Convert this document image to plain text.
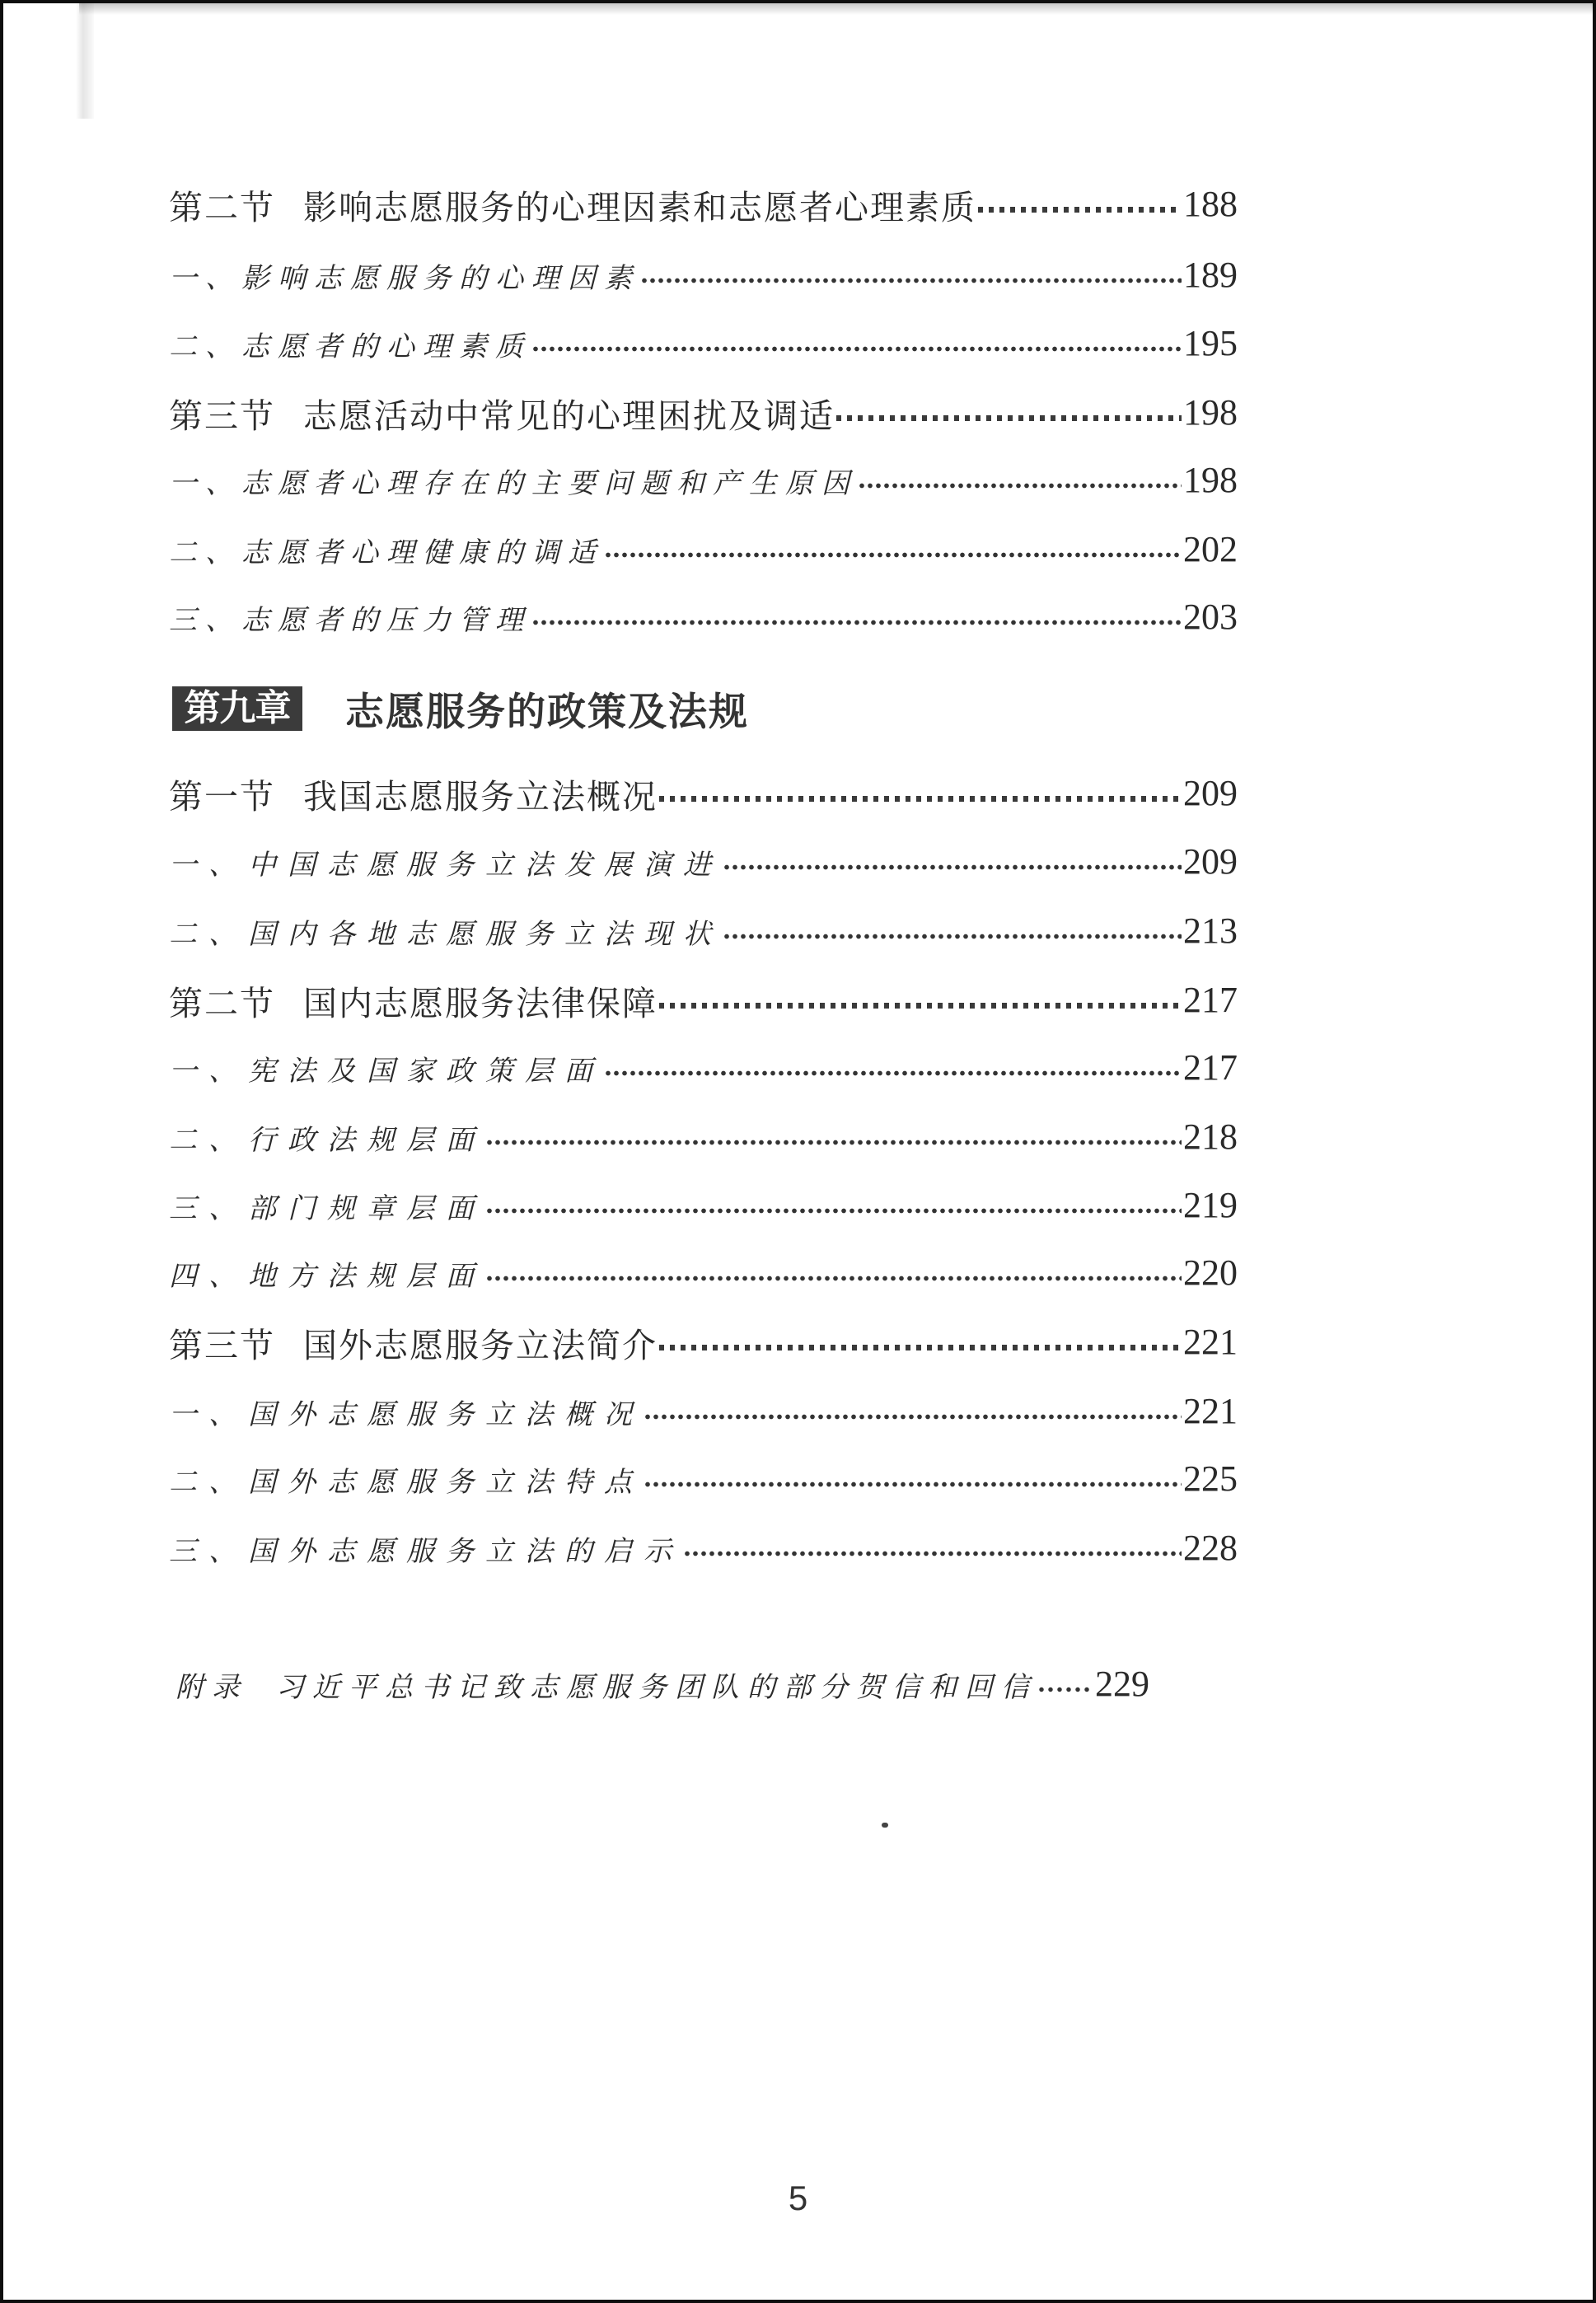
第二节 影响志愿服务的心理因素和志愿者心理素质	188
一、影响志愿服务的心理因素	189
二、志愿者的心理素质	195
第三节 志愿活动中常见的心理困扰及调适	198
一、志愿者心理存在的主要问题和产生原因	198
二、志愿者心理健康的调适	202
三、志愿者的压力管理	203
第九章	志愿服务的政策及法规
第一节 我国志愿服务立法概况	209
一、中国志愿服务立法发展演进	209
二、国内各地志愿服务立法现状	213
第二节 国内志愿服务法律保障	217
一、宪法及国家政策层面	217
二、行政法规层面	218
三、部门规章层面	219
四、地方法规层面	220
第三节 国外志愿服务立法简介	221
一、国外志愿服务立法概况	221
二、国外志愿服务立法特点	225
三、国外志愿服务立法的启示	228
附录 习近平总书记致志愿服务团队的部分贺信和回信 229
5
